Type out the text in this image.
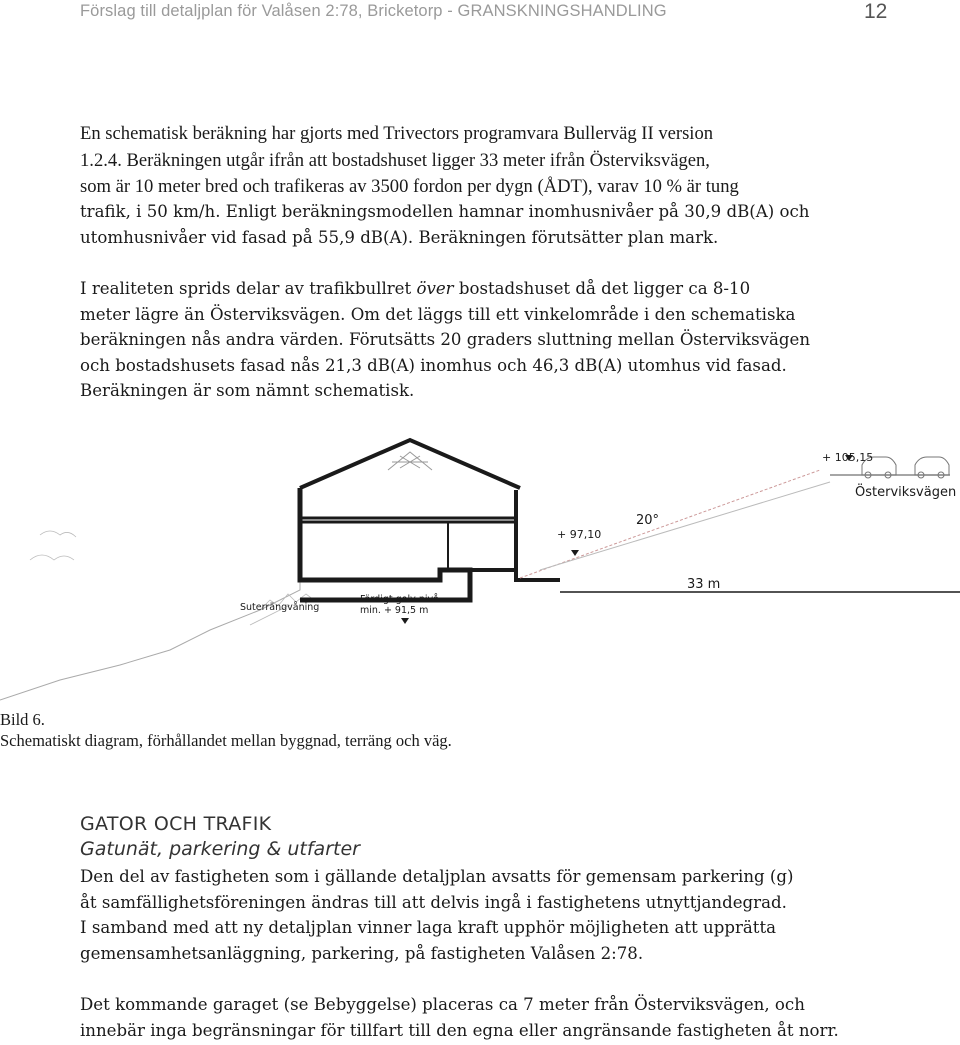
Förslag till detaljplan för Valåsen 2:78, Bricketorp - GRANSKNINGSHANDLING	12
En schematisk beräkning har gjorts med Trivectors programvara Bullerväg II version
1.2.4. Beräkningen utgår ifrån att bostadshuset ligger 33 meter ifrån Österviksvägen,
som är 10 meter bred och trafikeras av 3500 fordon per dygn (ÅDT), varav 10 % är tung
trafik, i 50 km/h. Enligt beräkningsmodellen hamnar inomhusnivåer på 30,9 dB(A) och
utomhusnivåer vid fasad på 55,9 dB(A). Beräkningen förutsätter plan mark.
I realiteten sprids delar av trafikbullret över bostadshuset då det ligger ca 8-10
meter lägre än Österviksvägen. Om det läggs till ett vinkelområde i den schematiska
beräkningen nås andra värden. Förutsätts 20 graders sluttning mellan Österviksvägen
och bostadshusets fasad nås 21,3 dB(A) inomhus och 46,3 dB(A) utomhus vid fasad.
Beräkningen är som nämnt schematisk.
+ 105,15
Österviksvägen
20°
+ 97,10
33 m
Suterrängvåning
Färdigt golv-nivå
min. + 91,5 m
Bild 6.
Schematiskt diagram, förhållandet mellan byggnad, terräng och väg.
GATOR OCH TRAFIK
Gatunät, parkering & utfarter
Den del av fastigheten som i gällande detaljplan avsatts för gemensam parkering (g)
åt samfällighetsföreningen ändras till att delvis ingå i fastighetens utnyttjandegrad.
I samband med att ny detaljplan vinner laga kraft upphör möjligheten att upprätta
gemensamhetsanläggning, parkering, på fastigheten Valåsen 2:78.
Det kommande garaget (se Bebyggelse) placeras ca 7 meter från Österviksvägen, och
innebär inga begränsningar för tillfart till den egna eller angränsande fastigheten åt norr.
